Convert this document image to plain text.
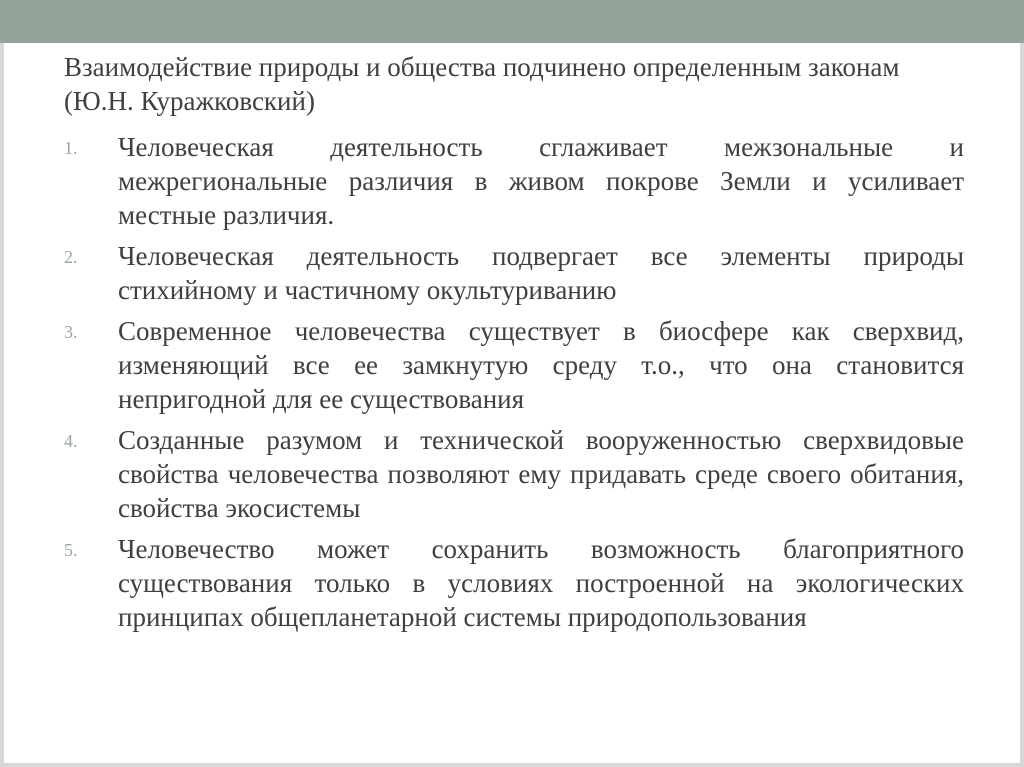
Взаимодействие природы и общества подчинено определенным законам (Ю.Н. Куражковский)

1. Человеческая деятельность сглаживает межзональные и межрегиональные различия в живом покрове Земли и усиливает местные различия.
2. Человеческая деятельность подвергает все элементы природы стихийному и частичному окультуриванию
3. Современное человечества существует в биосфере как сверхвид, изменяющий все ее замкнутую среду т.о., что она становится непригодной для ее существования
4. Созданные разумом и технической вооруженностью сверхвидовые свойства человечества позволяют ему придавать среде своего обитания, свойства экосистемы
5. Человечество может сохранить возможность благоприятного существования только в условиях построенной на экологических принципах общепланетарной системы природопользования
